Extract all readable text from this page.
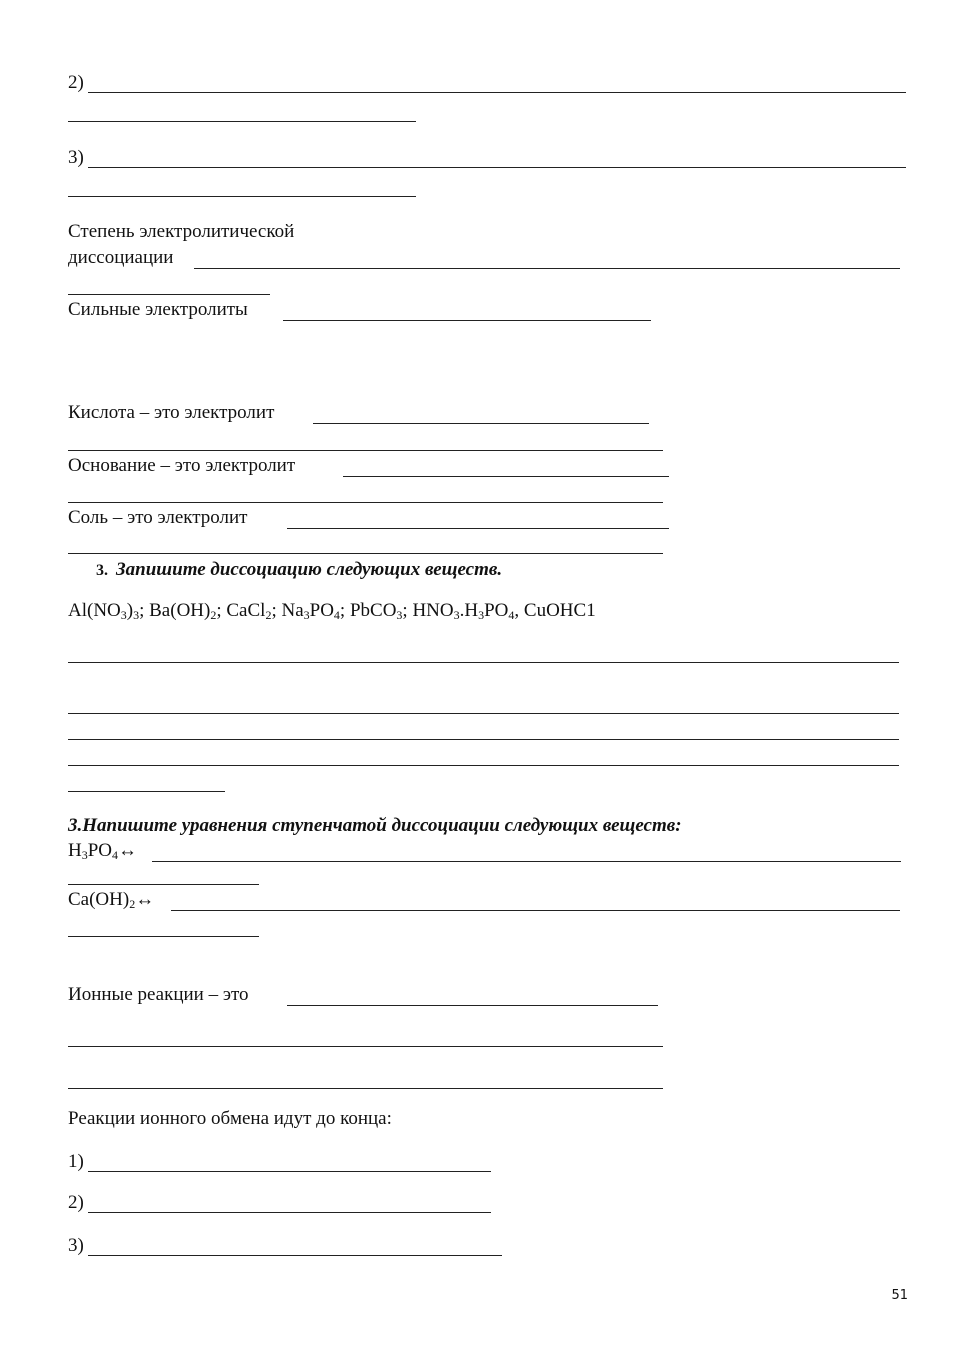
2)
3)
Степень электролитической
диссоциации
Сильные электролиты
Кислота – это электролит
Основание – это электролит
Соль – это электролит
3. Запишите диссоциацию следующих веществ.
$Al(NO_3)_3$; $Ba(OH)_2$; CaCl$_2$; $Na_3PO_4$; PbCO$_3$; $HNO_3.H_3PO_4$, CuOHC1
3.Напишите уравнения ступенчатой диссоциации следующих веществ:
$H_3PO_4\leftrightarrow$
$Ca(OH)_2\leftrightarrow$
Ионные реакции – это
Реакции ионного обмена идут до конца:
1)
2)
3)
51
